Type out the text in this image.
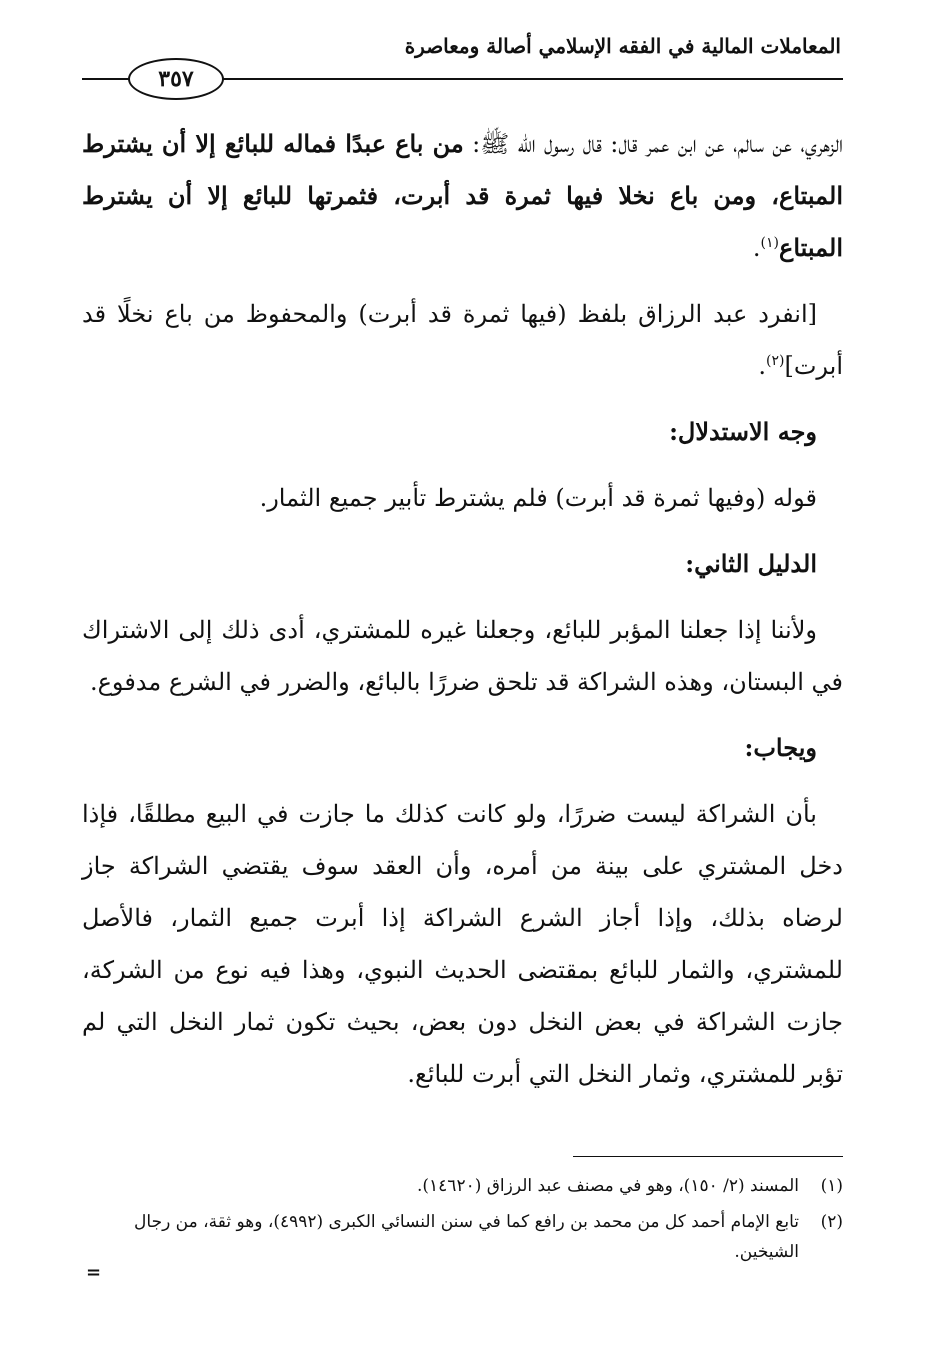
المعاملات المالية في الفقه الإسلامي أصالة ومعاصرة
٣٥٧

الزهري، عن سالم، عن ابن عمر قال: قال رسول الله ﷺ: من باع عبدًا فماله للبائع إلا أن يشترط المبتاع، ومن باع نخلا فيها ثمرة قد أبرت، فثمرتها للبائع إلا أن يشترط المبتاع$^{(١)}$.

[انفرد عبد الرزاق بلفظ (فيها ثمرة قد أبرت) والمحفوظ من باع نخلًا قد أبرت]$^{(٢)}$.

وجه الاستدلال:

قوله (وفيها ثمرة قد أبرت) فلم يشترط تأبير جميع الثمار.

الدليل الثاني:

ولأننا إذا جعلنا المؤبر للبائع، وجعلنا غيره للمشتري، أدى ذلك إلى الاشتراك في البستان، وهذه الشراكة قد تلحق ضررًا بالبائع، والضرر في الشرع مدفوع.

ويجاب:

بأن الشراكة ليست ضررًا، ولو كانت كذلك ما جازت في البيع مطلقًا، فإذا دخل المشتري على بينة من أمره، وأن العقد سوف يقتضي الشراكة جاز لرضاه بذلك، وإذا أجاز الشرع الشراكة إذا أبرت جميع الثمار، فالأصل للمشتري، والثمار للبائع بمقتضى الحديث النبوي، وهذا فيه نوع من الشركة، جازت الشراكة في بعض النخل دون بعض، بحيث تكون ثمار النخل التي لم تؤبر للمشتري، وثمار النخل التي أبرت للبائع.

(١)
المسند (٢/ ١٥٠)، وهو في مصنف عبد الرزاق (١٤٦٢٠).
(٢)
تابع الإمام أحمد كل من محمد بن رافع كما في سنن النسائي الكبرى (٤٩٩٢)، وهو ثقة، من رجال الشيخين.
=
